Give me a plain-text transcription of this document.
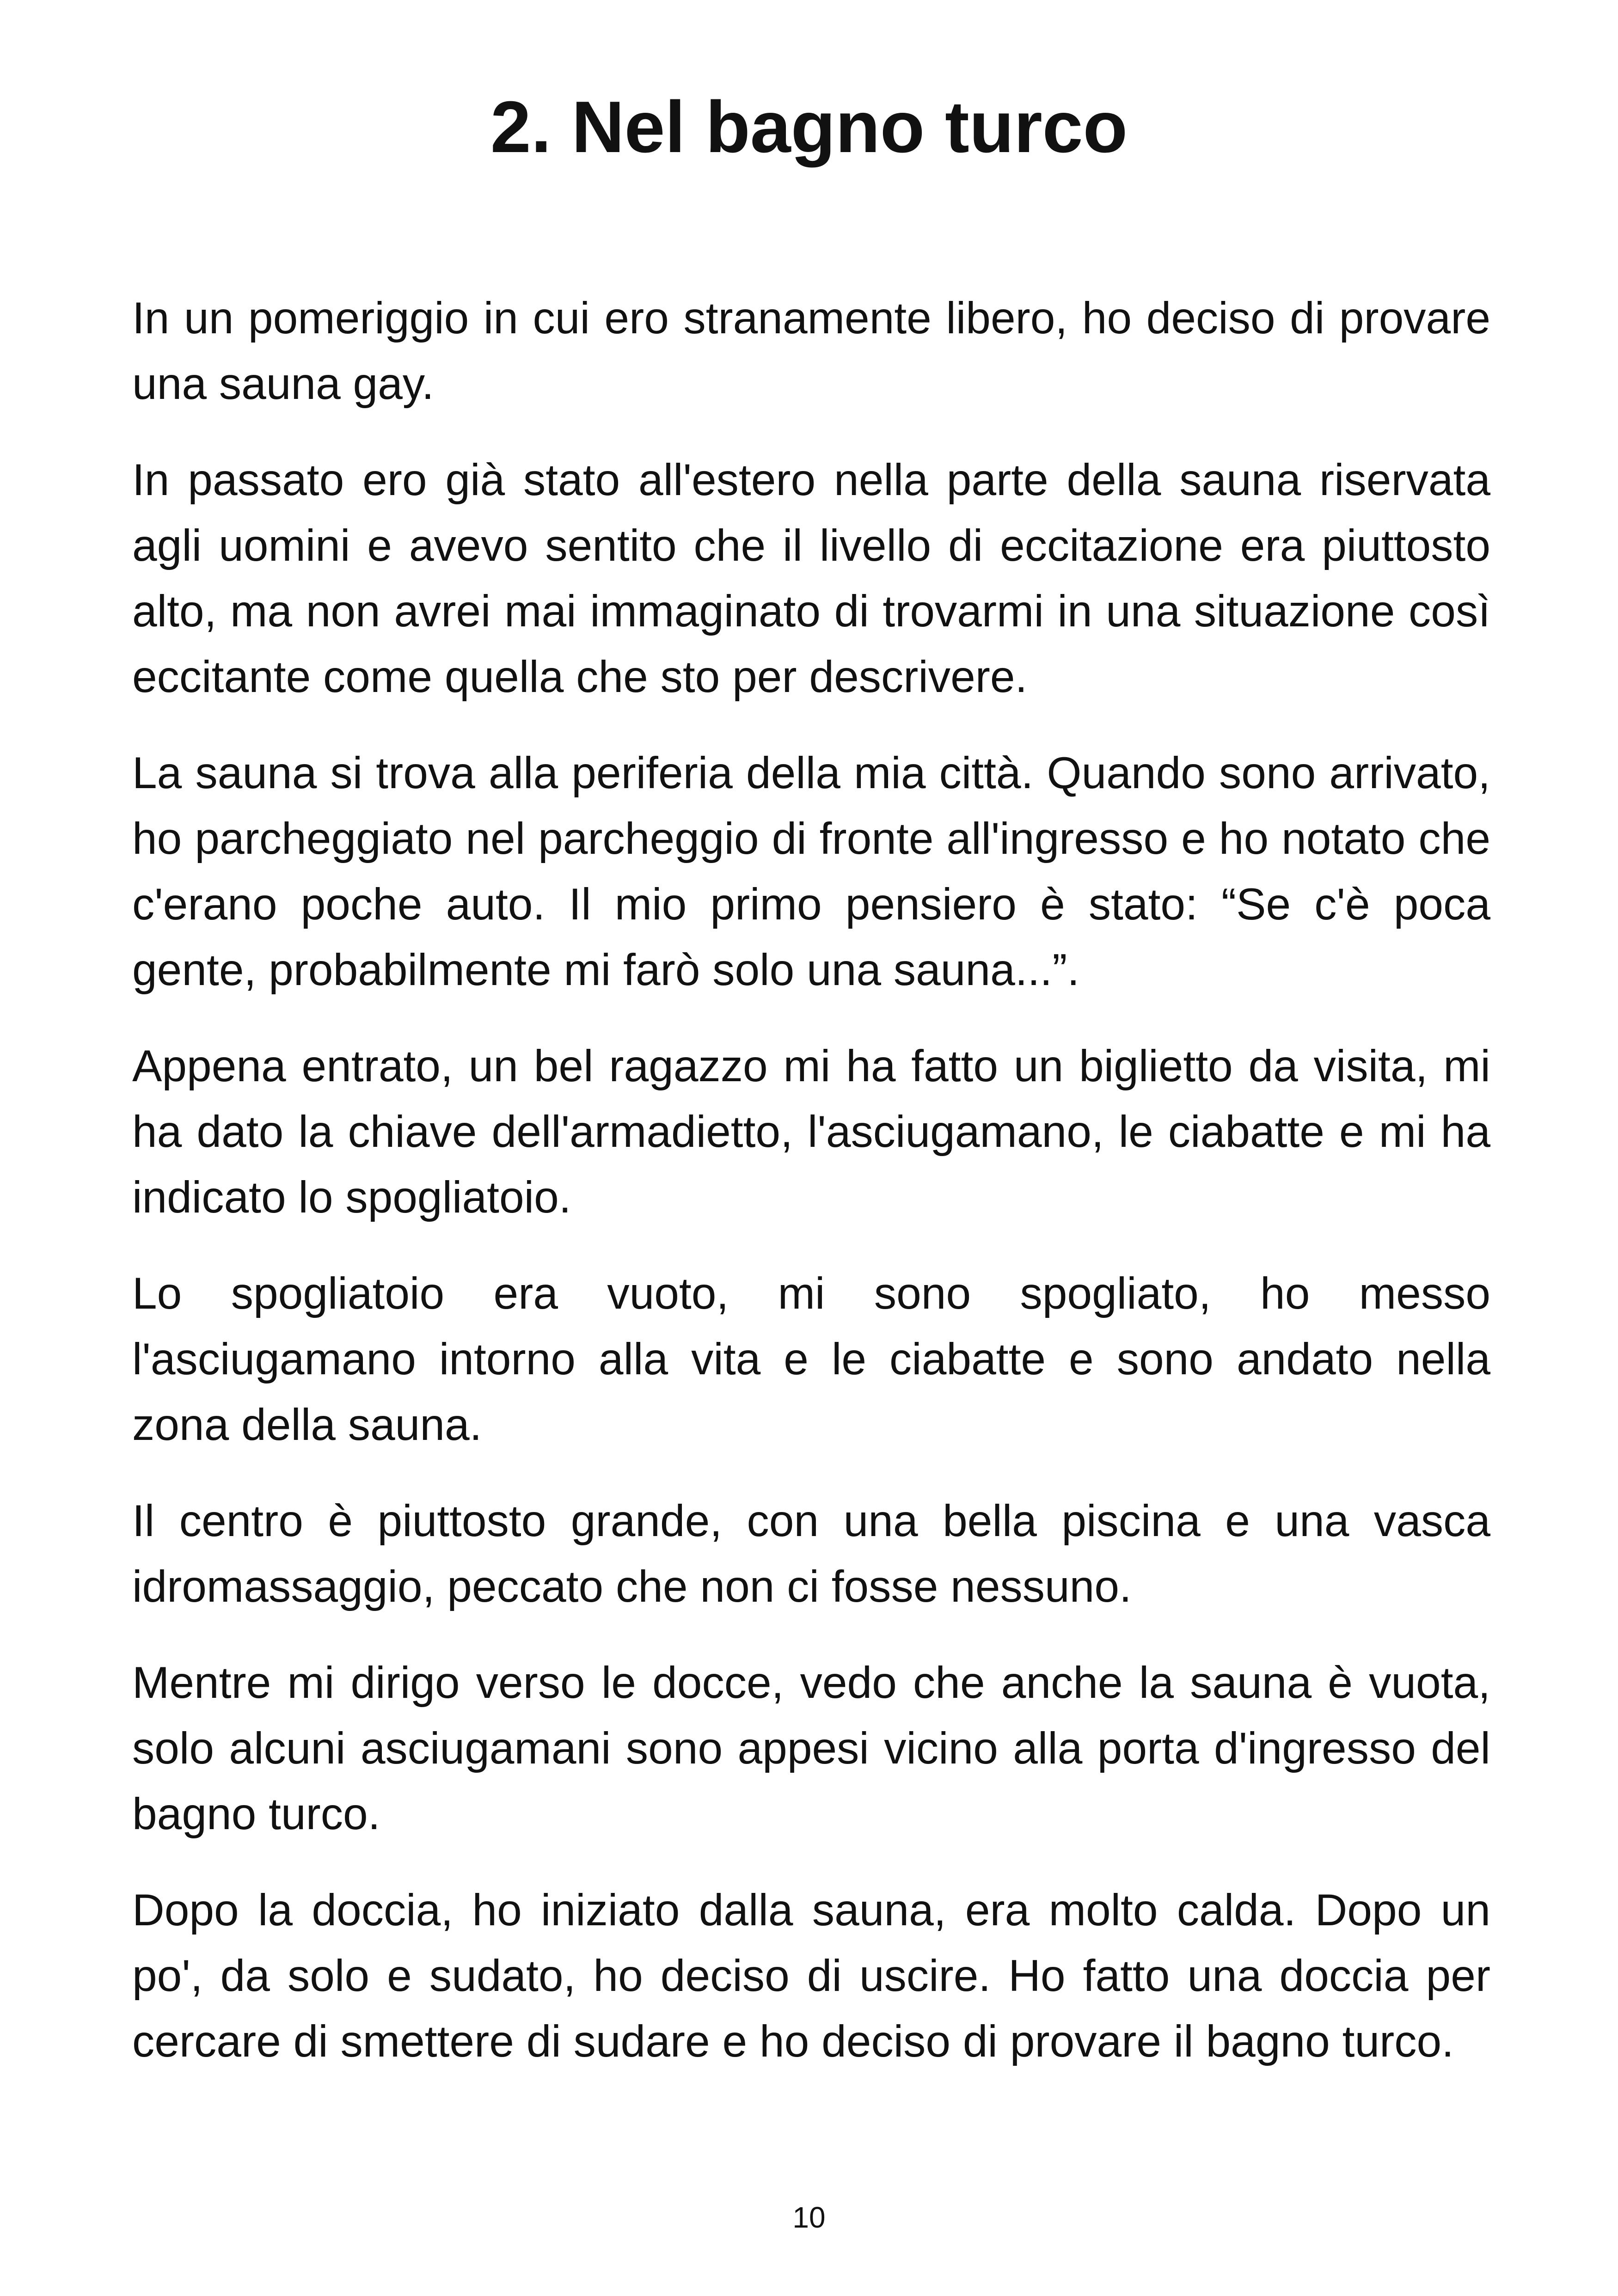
2. Nel bagno turco

In un pomeriggio in cui ero stranamente libero, ho deciso di provare una sauna gay.

In passato ero già stato all'estero nella parte della sauna riservata agli uomini e avevo sentito che il livello di eccitazione era piuttosto alto, ma non avrei mai immaginato di trovarmi in una situazione così eccitante come quella che sto per descrivere.

La sauna si trova alla periferia della mia città. Quando sono arrivato, ho parcheggiato nel parcheggio di fronte all'ingresso e ho notato che c'erano poche auto. Il mio primo pensiero è stato: “Se c'è poca gente, probabilmente mi farò solo una sauna...”.

Appena entrato, un bel ragazzo mi ha fatto un biglietto da visita, mi ha dato la chiave dell'armadietto, l'asciugamano, le ciabatte e mi ha indicato lo spogliatoio.

Lo spogliatoio era vuoto, mi sono spogliato, ho messo l'asciugamano intorno alla vita e le ciabatte e sono andato nella zona della sauna.

Il centro è piuttosto grande, con una bella piscina e una vasca idromassaggio, peccato che non ci fosse nessuno.

Mentre mi dirigo verso le docce, vedo che anche la sauna è vuota, solo alcuni asciugamani sono appesi vicino alla porta d'ingresso del bagno turco.

Dopo la doccia, ho iniziato dalla sauna, era molto calda. Dopo un po', da solo e sudato, ho deciso di uscire. Ho fatto una doccia per cercare di smettere di sudare e ho deciso di provare il bagno turco.

10
